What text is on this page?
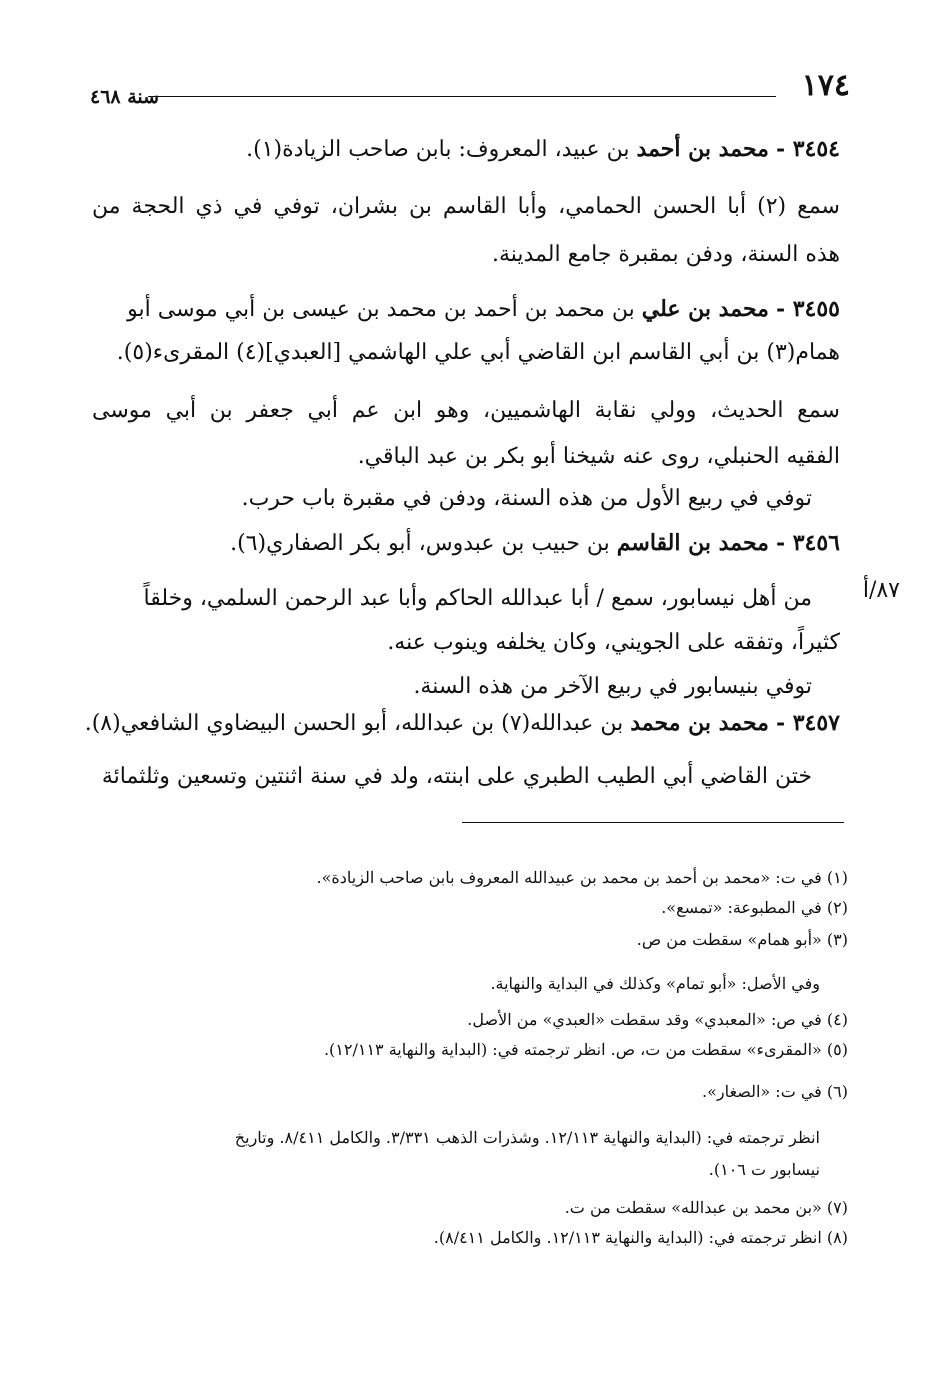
١٧٤
سنة ٤٦٨
٣٤٥٤ - محمد بن أحمد بن عبيد، المعروف: بابن صاحب الزيادة(١).
سمع (٢) أبا الحسن الحمامي، وأبا القاسم بن بشران، توفي في ذي الحجة من
هذه السنة، ودفن بمقبرة جامع المدينة.
٣٤٥٥ - محمد بن علي بن محمد بن أحمد بن محمد بن عيسى بن أبي موسى أبو
همام(٣) بن أبي القاسم ابن القاضي أبي علي الهاشمي [العبدي](٤) المقرىء(٥).
سمع الحديث، وولي نقابة الهاشميين، وهو ابن عم أبي جعفر بن أبي موسى
الفقيه الحنبلي، روى عنه شيخنا أبو بكر بن عبد الباقي.
توفي في ربيع الأول من هذه السنة، ودفن في مقبرة باب حرب.
٣٤٥٦ - محمد بن القاسم بن حبيب بن عبدوس، أبو بكر الصفاري(٦).
٨٧/أ
من أهل نيسابور، سمع / أبا عبدالله الحاكم وأبا عبد الرحمن السلمي، وخلقاً
كثيراً، وتفقه على الجويني، وكان يخلفه وينوب عنه.
توفي بنيسابور في ربيع الآخر من هذه السنة.
٣٤٥٧ - محمد بن محمد بن عبدالله(٧) بن عبدالله، أبو الحسن البيضاوي الشافعي(٨).
ختن القاضي أبي الطيب الطبري على ابنته، ولد في سنة اثنتين وتسعين وثلثمائة
(١) في ت: «محمد بن أحمد بن محمد بن عبيدالله المعروف بابن صاحب الزيادة».
(٢) في المطبوعة: «تمسع».
(٣) «أبو همام» سقطت من ص.
وفي الأصل: «أبو تمام» وكذلك في البداية والنهاية.
(٤) في ص: «المعبدي» وقد سقطت «العبدي» من الأصل.
(٥) «المقرىء» سقطت من ت، ص. انظر ترجمته في: (البداية والنهاية ١٢/١١٣).
(٦) في ت: «الصغار».
انظر ترجمته في: (البداية والنهاية ١٢/١١٣. وشذرات الذهب ٣/٣٣١. والكامل ٨/٤١١. وتاريخ
نيسابور ت ١٠٦).
(٧) «بن محمد بن عبدالله» سقطت من ت.
(٨) انظر ترجمته في: (البداية والنهاية ١٢/١١٣. والكامل ٨/٤١١).
